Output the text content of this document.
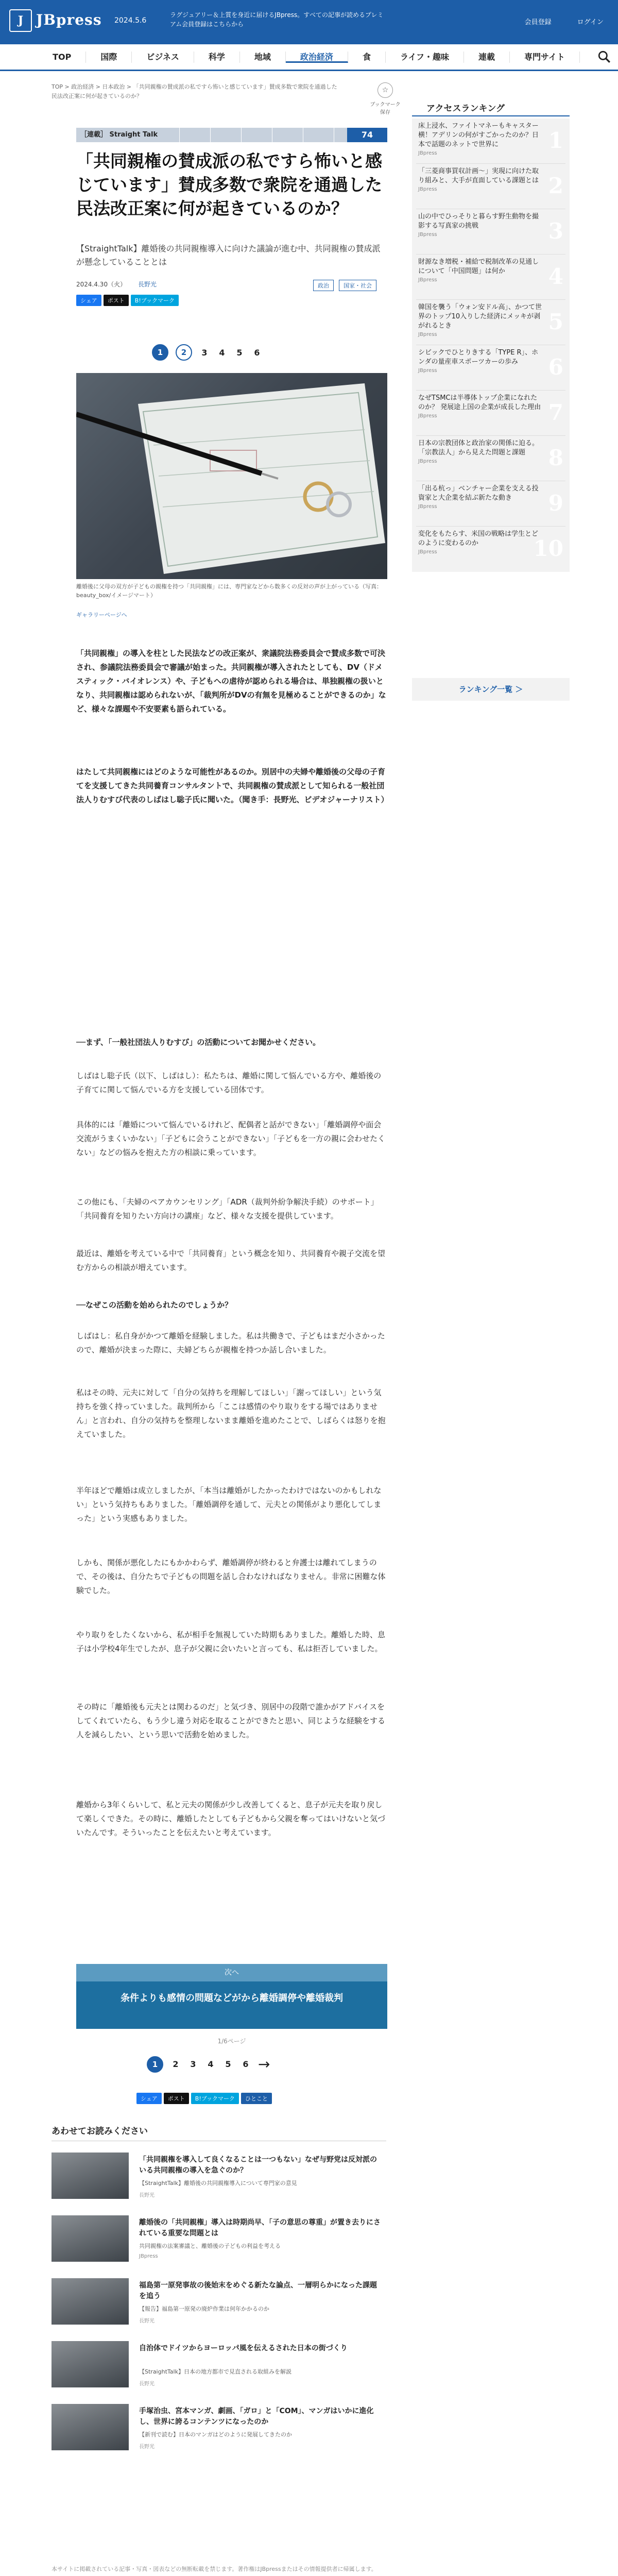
J JBpress 2024.5.6
ラグジュアリー＆上質を身近に届けるJBpress。すべての記事が読めるプレミアム会員登録はこちらから	会員登録	ログイン
TOP	国際	ビジネス	科学	地域	政治経済	食	ライフ・趣味	連載	専門サイト
TOP > 政治経済 > 日本政治 > 「共同親権の賛成派の私ですら怖いと感じています」賛成多数で衆院を通過した民法改正案に何が起きているのか？
☆
ブックマーク保存
［連載］ Straight Talk	74
「共同親権の賛成派の私ですら怖いと感じています」賛成多数で衆院を通過した民法改正案に何が起きているのか？
【StraightTalk】離婚後の共同親権導入に向けた議論が進む中、共同親権の賛成派が懸念していることとは
2024.4.30（火） 長野光	政治	国家・社会
シェア	ポスト	B!ブックマーク
1	2	3 4 5 6
離婚後に父母の双方が子どもの親権を持つ「共同親権」には、専門家などから数多くの反対の声が上がっている（写真：beauty_box/イメージマート）
ギャラリーページへ
「共同親権」の導入を柱とした民法などの改正案が、衆議院法務委員会で賛成多数で可決され、参議院法務委員会で審議が始まった。共同親権が導入されたとしても、DV（ドメスティック・バイオレンス）や、子どもへの虐待が認められる場合は、単独親権の扱いとなり、共同親権は認められないが、「裁判所がDVの有無を見極めることができるのか」など、様々な課題や不安要素も語られている。
はたして共同親権にはどのような可能性があるのか。別居中の夫婦や離婚後の父母の子育てを支援してきた共同養育コンサルタントで、共同親権の賛成派として知られる一般社団法人りむすび代表のしばはし聡子氏に聞いた。（聞き手：長野光、ビデオジャーナリスト）
──まず、「一般社団法人りむすび」の活動についてお聞かせください。
しばはし聡子氏（以下、しばはし）：私たちは、離婚に関して悩んでいる方や、離婚後の子育てに関して悩んでいる方を支援している団体です。
具体的には「離婚について悩んでいるけれど、配偶者と話ができない」「離婚調停や面会交流がうまくいかない」「子どもに会うことができない」「子どもを一方の親に会わせたくない」などの悩みを抱えた方の相談に乗っています。
この他にも、「夫婦のペアカウンセリング」「ADR（裁判外紛争解決手続）のサポート」「共同養育を知りたい方向けの講座」など、様々な支援を提供しています。
最近は、離婚を考えている中で「共同養育」という概念を知り、共同養育や親子交流を望む方からの相談が増えています。
──なぜこの活動を始められたのでしょうか？
しばはし：私自身がかつて離婚を経験しました。私は共働きで、子どもはまだ小さかったので、離婚が決まった際に、夫婦どちらが親権を持つか話し合いました。
私はその時、元夫に対して「自分の気持ちを理解してほしい」「謝ってほしい」という気持ちを強く持っていました。裁判所から「ここは感情のやり取りをする場ではありません」と言われ、自分の気持ちを整理しないまま離婚を進めたことで、しばらくは怒りを抱えていました。
半年ほどで離婚は成立しましたが、「本当は離婚がしたかったわけではないのかもしれない」という気持ちもありました。「離婚調停を通して、元夫との関係がより悪化してしまった」という実感もありました。
しかも、関係が悪化したにもかかわらず、離婚調停が終わると弁護士は離れてしまうので、その後は、自分たちで子どもの問題を話し合わなければなりません。非常に困難な体験でした。
やり取りをしたくないから、私が相手を無視していた時期もありました。離婚した時、息子は小学校4年生でしたが、息子が父親に会いたいと言っても、私は拒否していました。
その時に「離婚後も元夫とは関わるのだ」と気づき、別居中の段階で誰かがアドバイスをしてくれていたら、もう少し違う対応を取ることができたと思い、同じような経験をする人を減らしたい、という思いで活動を始めました。
離婚から3年くらいして、私と元夫の関係が少し改善してくると、息子が元夫を取り戻して楽しくできた。その時に、離婚したとしても子どもから父親を奪ってはいけないと気づいたんです。そういったことを伝えたいと考えています。
次へ
条件よりも感情の問題などがから離婚調停や離婚裁判
1/6ページ
1	2 3 4 5 6 →
シェア	ポスト	B!ブックマーク	ひとこと
アクセスランキング
床上浸水、ファイトマネーもキャスター横！アデリンの何がすごかったのか？日本で話題のネットで世界に
JBpress
1
「三菱商事買収計画～」実現に向けた取り組みと、大手が直面している課題とは
JBpress	2
山の中でひっそりと暮らす野生動物を撮影する写真家の挑戦
JBpress	3
財源なき増税・補給で税制改革の見通しについて「中国問題」は何か
JBpress	4
韓国を襲う「ウォン安ドル高」、かつて世界のトップ10入りした経済にメッキが剥がれるとき
JBpress
5
シビックでひとりきする「TYPE R」、ホンダの量産車スポーツカーの歩み
JBpress	6
なぜTSMCは半導体トップ企業になれたのか？ 発展途上国の企業が成長した理由
JBpress	7
日本の宗教団体と政治家の関係に迫る。「宗教法人」から見えた問題と課題
JBpress	8
「出る杭っ」ベンチャー企業を支える投資家と大企業を結ぶ新たな動き
JBpress	9
変化をもたらす、米国の戦略は学生とどのように変わるのか
JBpress	10
ランキング一覧 ＞
あわせてお読みください
「共同親権を導入して良くなることは一つもない」なぜ与野党は反対派のいる共同親権の導入を急ぐのか？
【StraightTalk】離婚後の共同親権導入について専門家の意見
長野光
離婚後の「共同親権」導入は時期尚早、「子の意思の尊重」が置き去りにされている重要な問題とは
共同親権の法案審議と、離婚後の子どもの利益を考える
JBpress
福島第一原発事故の後始末をめぐる新たな論点、一層明らかになった課題を追う
【報告】福島第一原発の廃炉作業は何年かかるのか
長野光
自治体でドイツからヨーロッパ風を伝えるされた日本の街づくり
【StraightTalk】日本の地方都市で見直される取組みを解説
長野光
手塚治虫、宮本マンガ、劇画、「ガロ」と「COM」、マンガはいかに進化し、世界に誇るコンテンツになったのか
【新刊で読む】日本のマンガはどのように発展してきたのか
長野光
本サイトに掲載されている記事・写真・図表などの無断転載を禁じます。著作権はJBpressまたはその情報提供者に帰属します。
